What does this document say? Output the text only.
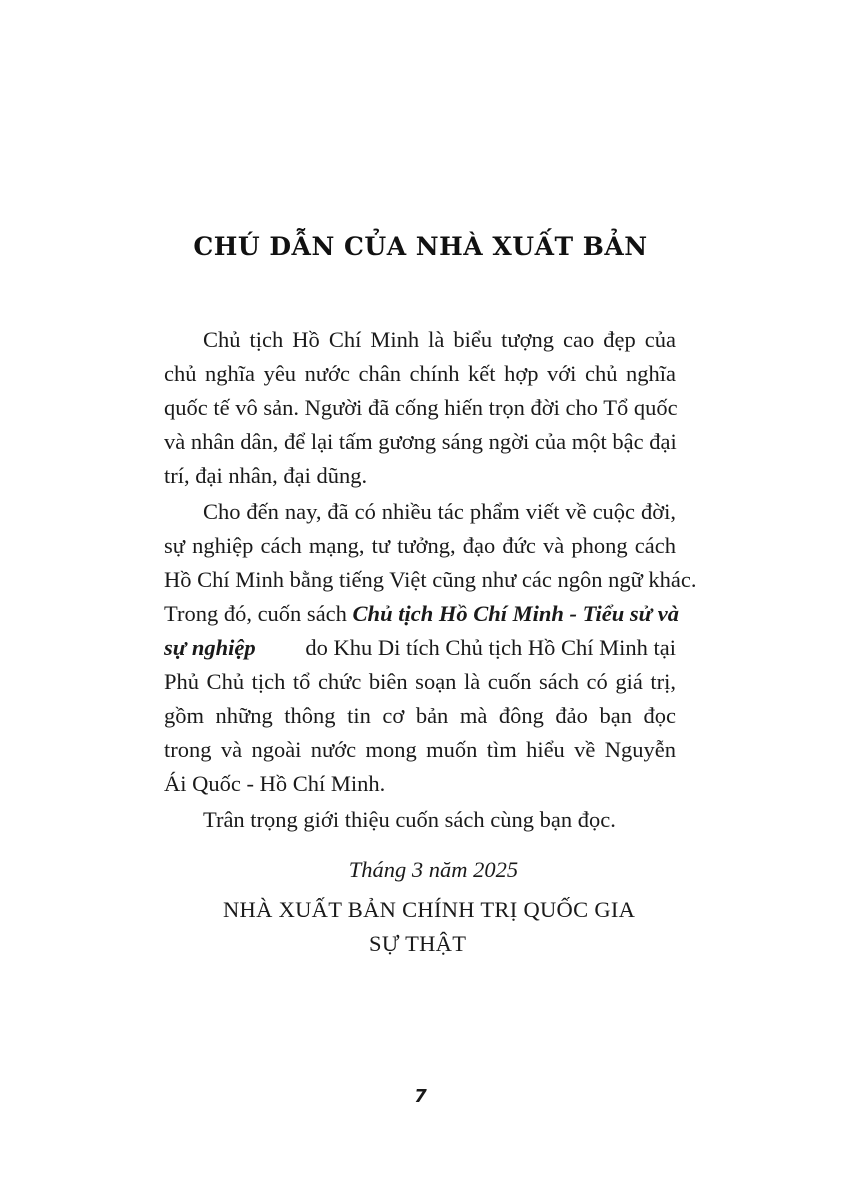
CHÚ DẪN CỦA NHÀ XUẤT BẢN
Chủ tịch Hồ Chí Minh là biểu tượng cao đẹp của
chủ nghĩa yêu nước chân chính kết hợp với chủ nghĩa
quốc tế vô sản. Người đã cống hiến trọn đời cho Tổ quốc
và nhân dân, để lại tấm gương sáng ngời của một bậc đại
trí, đại nhân, đại dũng.
Cho đến nay, đã có nhiều tác phẩm viết về cuộc đời,
sự nghiệp cách mạng, tư tưởng, đạo đức và phong cách
Hồ Chí Minh bằng tiếng Việt cũng như các ngôn ngữ khác.
Trong đó, cuốn sách Chủ tịch Hồ Chí Minh - Tiểu sử và
sự nghiệp do Khu Di tích Chủ tịch Hồ Chí Minh tại
Phủ Chủ tịch tổ chức biên soạn là cuốn sách có giá trị,
gồm những thông tin cơ bản mà đông đảo bạn đọc
trong và ngoài nước mong muốn tìm hiểu về Nguyễn
Ái Quốc - Hồ Chí Minh.
Trân trọng giới thiệu cuốn sách cùng bạn đọc.
Tháng 3 năm 2025
NHÀ XUẤT BẢN CHÍNH TRỊ QUỐC GIA
SỰ THẬT
7
